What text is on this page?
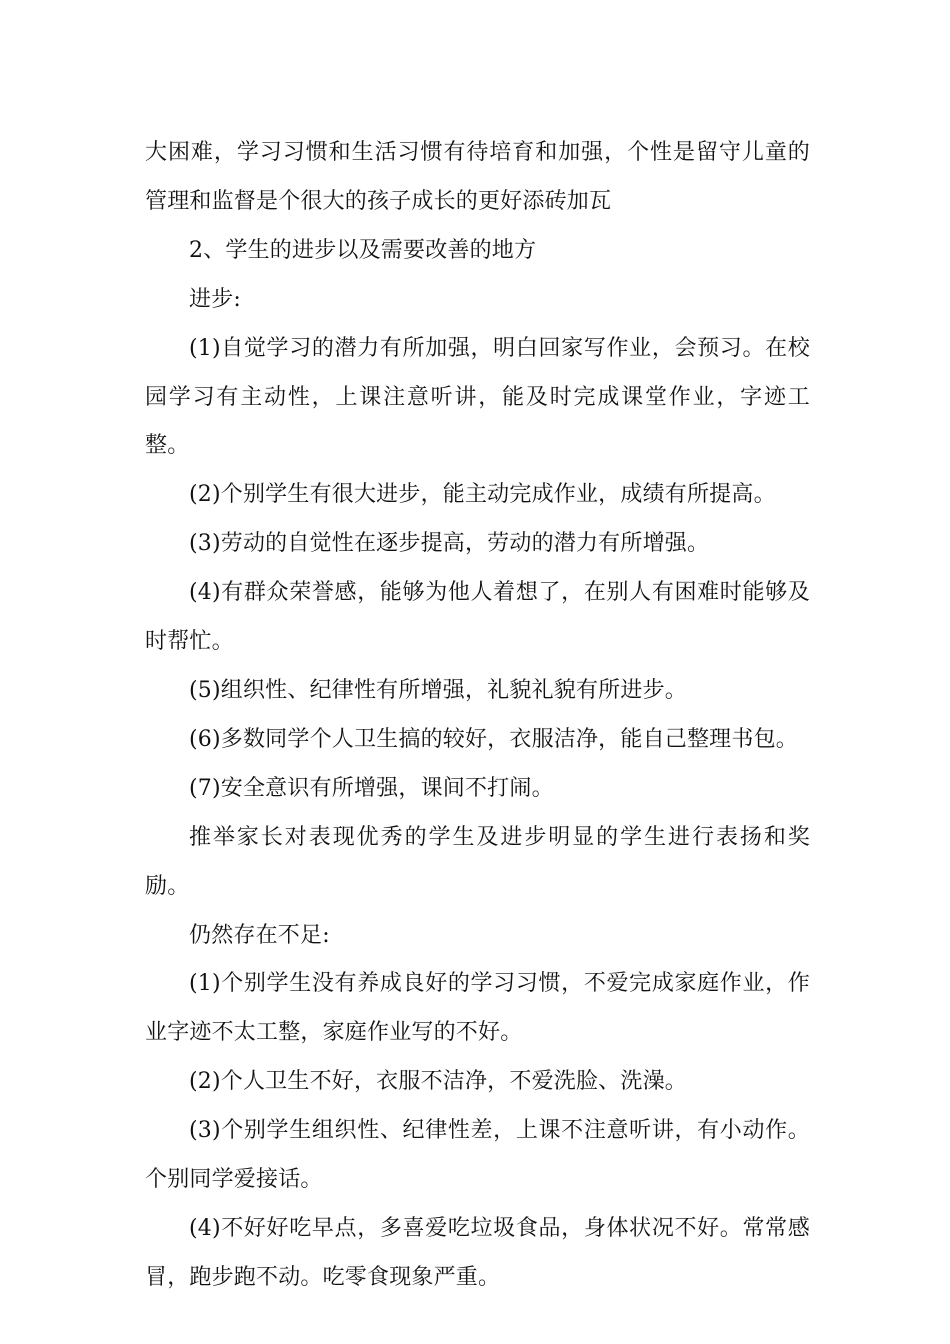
大困难，学习习惯和生活习惯有待培育和加强，个性是留守儿童的管理和监督是个很大的孩子成长的更好添砖加瓦

2、学生的进步以及需要改善的地方

进步:

(1)自觉学习的潜力有所加强，明白回家写作业，会预习。在校园学习有主动性，上课注意听讲，能及时完成课堂作业，字迹工整。

(2)个别学生有很大进步，能主动完成作业，成绩有所提高。

(3)劳动的自觉性在逐步提高，劳动的潜力有所增强。

(4)有群众荣誉感，能够为他人着想了，在别人有困难时能够及时帮忙。

(5)组织性、纪律性有所增强，礼貌礼貌有所进步。

(6)多数同学个人卫生搞的较好，衣服洁净，能自己整理书包。

(7)安全意识有所增强，课间不打闹。

推举家长对表现优秀的学生及进步明显的学生进行表扬和奖励。

仍然存在不足:

(1)个别学生没有养成良好的学习习惯，不爱完成家庭作业，作业字迹不太工整，家庭作业写的不好。

(2)个人卫生不好，衣服不洁净，不爱洗脸、洗澡。

(3)个别学生组织性、纪律性差，上课不注意听讲，有小动作。个别同学爱接话。

(4)不好好吃早点，多喜爱吃垃圾食品，身体状况不好。常常感冒，跑步跑不动。吃零食现象严重。
